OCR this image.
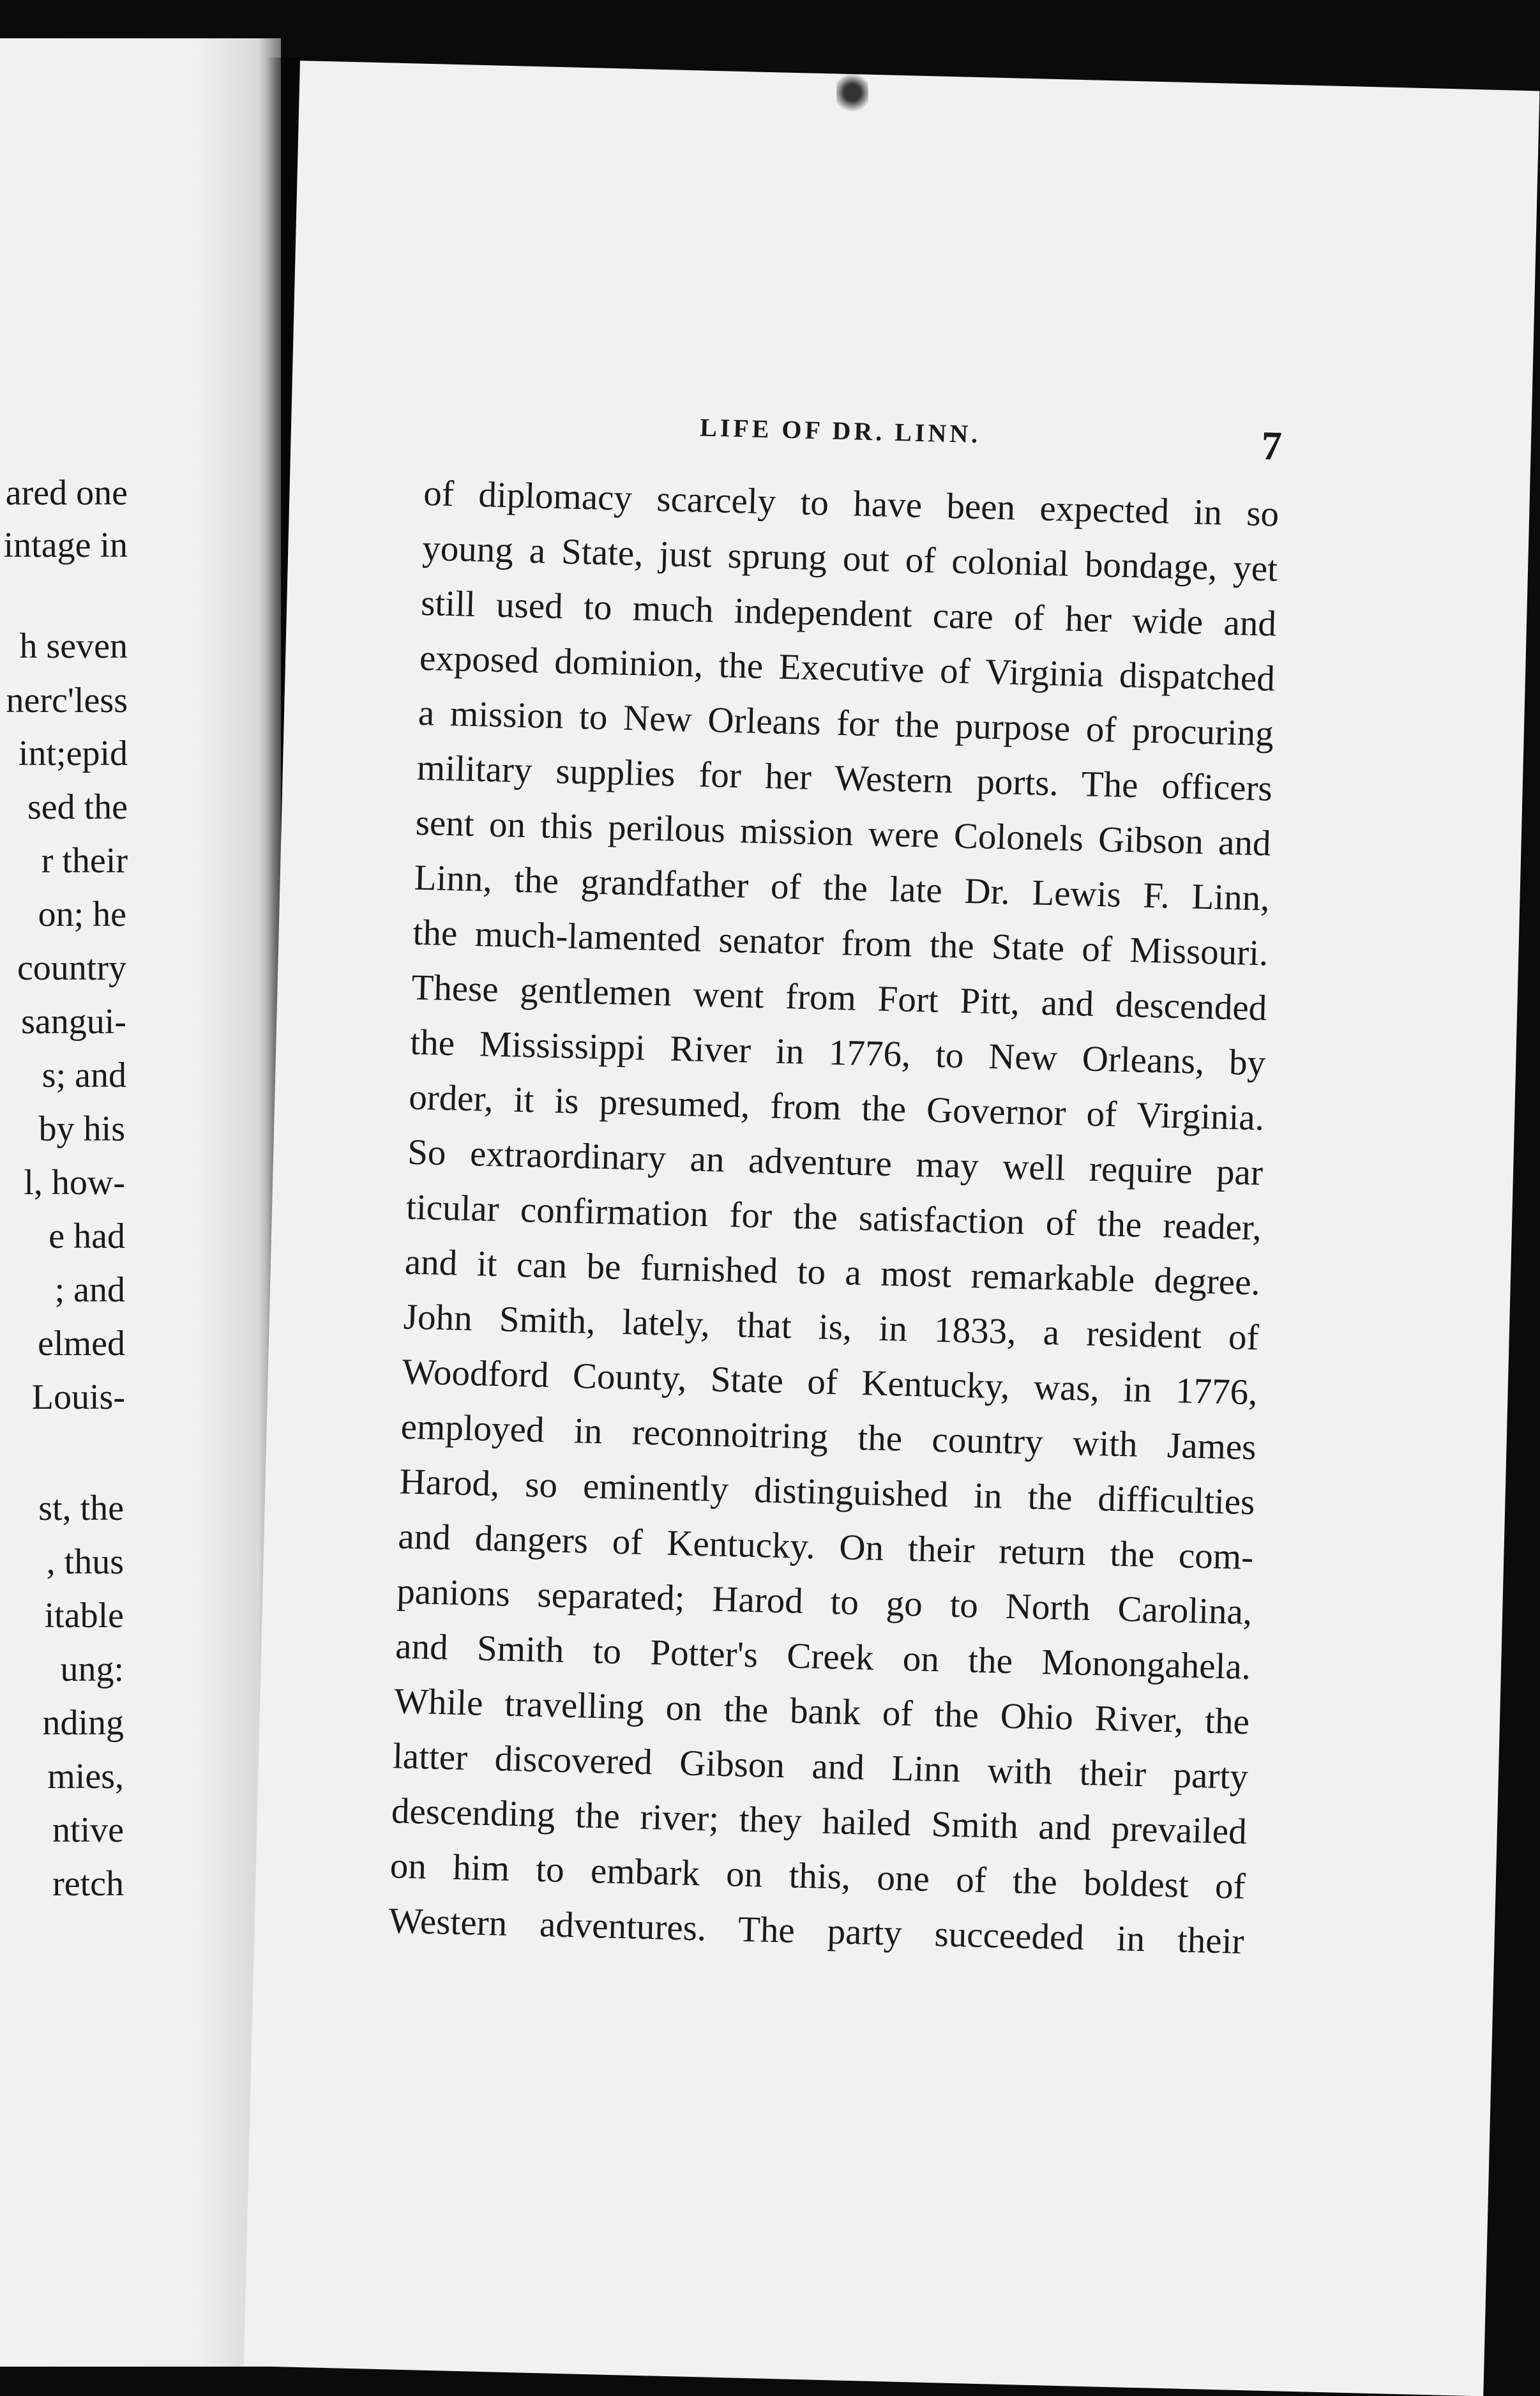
ared one
intage in
h seven
nerc'less
int;epid
sed the
r their
on; he
country
sangui-
s; and
by his
l, how-
e had
; and
elmed
Louis-
st, the
, thus
itable
ung:
nding
mies,
ntive
retch
LIFE OF DR. LINN.	7
of diplomacy scarcely to have been expected in so
young a State, just sprung out of colonial bondage, yet
still used to much independent care of her wide and
exposed dominion, the Executive of Virginia dispatched
a mission to New Orleans for the purpose of procuring
military supplies for her Western ports. The officers
sent on this perilous mission were Colonels Gibson and
Linn, the grandfather of the late Dr. Lewis F. Linn,
the much-lamented senator from the State of Missouri.
These gentlemen went from Fort Pitt, and descended
the Mississippi River in 1776, to New Orleans, by
order, it is presumed, from the Governor of Virginia.
So extraordinary an adventure may well require par
ticular confirmation for the satisfaction of the reader,
and it can be furnished to a most remarkable degree.
John Smith, lately, that is, in 1833, a resident of
Woodford County, State of Kentucky, was, in 1776,
employed in reconnoitring the country with James
Harod, so eminently distinguished in the difficulties
and dangers of Kentucky. On their return the com-
panions separated; Harod to go to North Carolina,
and Smith to Potter's Creek on the Monongahela.
While travelling on the bank of the Ohio River, the
latter discovered Gibson and Linn with their party
descending the river; they hailed Smith and prevailed
on him to embark on this, one of the boldest of
Western adventures. The party succeeded in their
